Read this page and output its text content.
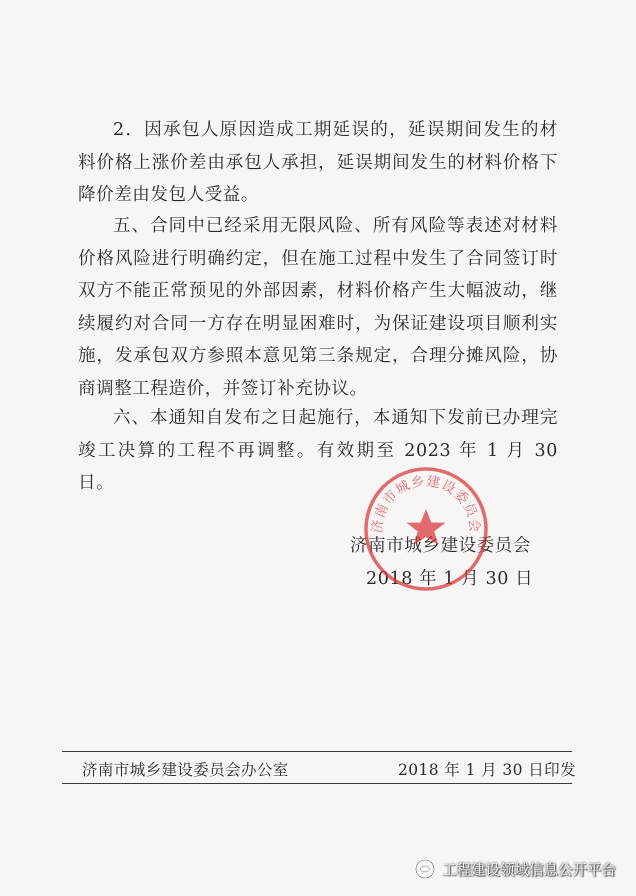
2．因承包人原因造成工期延误的，延误期间发生的材料价格上涨价差由承包人承担，延误期间发生的材料价格下降价差由发包人受益。

五、合同中已经采用无限风险、所有风险等表述对材料价格风险进行明确约定，但在施工过程中发生了合同签订时双方不能正常预见的外部因素，材料价格产生大幅波动，继续履约对合同一方存在明显困难时，为保证建设项目顺利实施，发承包双方参照本意见第三条规定，合理分摊风险，协商调整工程造价，并签订补充协议。

六、本通知自发布之日起施行，本通知下发前已办理完竣工决算的工程不再调整。有效期至 2023 年 1 月 30 日。

济南市城乡建设委员会
2018 年 1 月 30 日
济南市城乡建设委员会
济南市城乡建设委员会办公室	2018 年 1 月 30 日印发
工程建设领域信息公开平台
